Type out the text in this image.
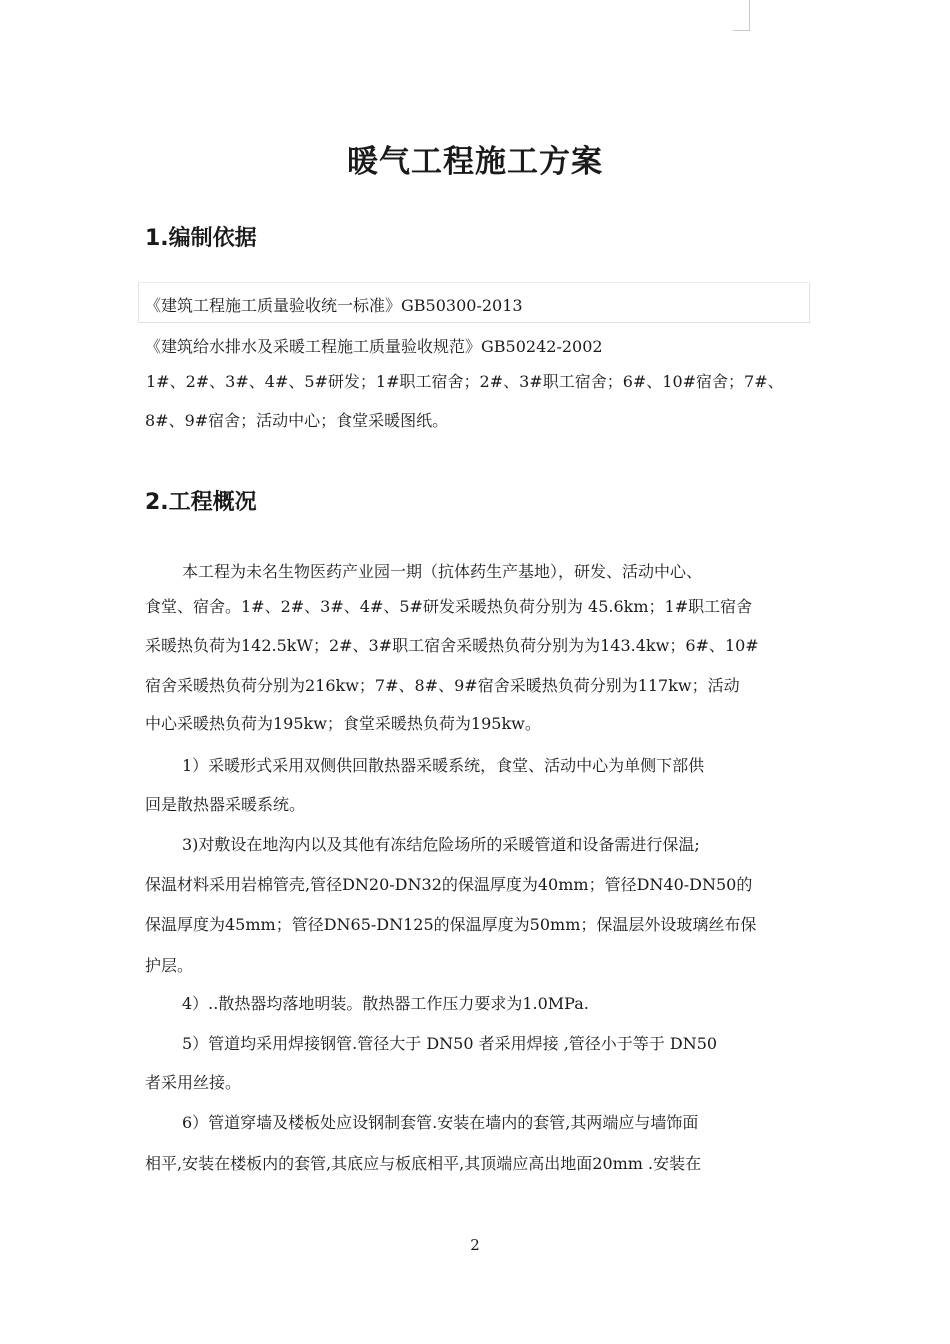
暖气工程施工方案
1.编制依据

《建筑工程施工质量验收统一标准》GB50300-2013

《建筑给水排水及采暖工程施工质量验收规范》GB50242-2002

1#、2#、3#、4#、5#研发；1#职工宿舍；2#、3#职工宿舍；6#、10#宿舍；7#、

8#、9#宿舍；活动中心；食堂采暖图纸。

2.工程概况

本工程为未名生物医药产业园一期（抗体药生产基地），研发、活动中心、

食堂、宿舍。1#、2#、3#、4#、5#研发采暖热负荷分别为 45.6km；1#职工宿舍

采暖热负荷为142.5kW；2#、3#职工宿舍采暖热负荷分别为为143.4kw；6#、10#

宿舍采暖热负荷分别为216kw；7#、8#、9#宿舍采暖热负荷分别为117kw；活动

中心采暖热负荷为195kw；食堂采暖热负荷为195kw。

1）采暖形式采用双侧供回散热器采暖系统，食堂、活动中心为单侧下部供

回是散热器采暖系统。

3)对敷设在地沟内以及其他有冻结危险场所的采暖管道和设备需进行保温;

保温材料采用岩棉管壳,管径DN20-DN32的保温厚度为40mm；管径DN40-DN50的

保温厚度为45mm；管径DN65-DN125的保温厚度为50mm；保温层外设玻璃丝布保

护层。

4）..散热器均落地明装。散热器工作压力要求为1.0MPa.

5）管道均采用焊接钢管.管径大于 DN50 者采用焊接 ,管径小于等于 DN50

者采用丝接。

6）管道穿墙及楼板处应设钢制套管.安装在墙内的套管,其两端应与墙饰面

相平,安装在楼板内的套管,其底应与板底相平,其顶端应高出地面20mm .安装在

2
